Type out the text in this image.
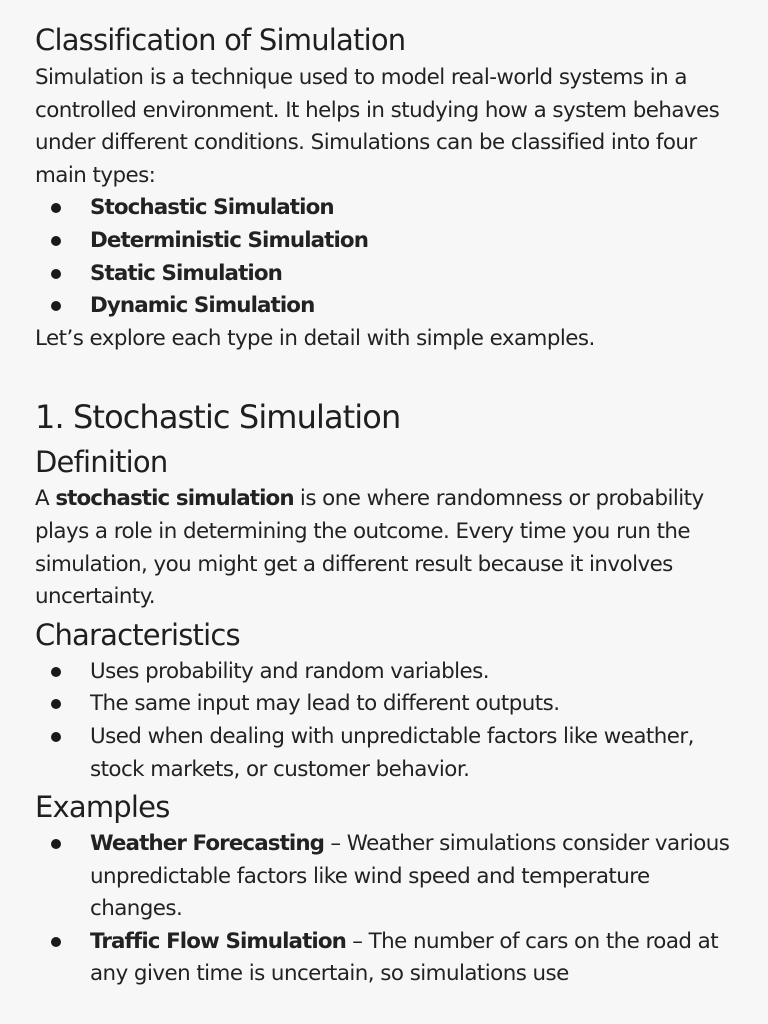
Classification of Simulation

Simulation is a technique used to model real-world systems in a controlled environment. It helps in studying how a system behaves under different conditions. Simulations can be classified into four main types:

Stochastic Simulation
Deterministic Simulation
Static Simulation
Dynamic Simulation

Let’s explore each type in detail with simple examples.

1. Stochastic Simulation
Definition

A stochastic simulation is one where randomness or probability plays a role in determining the outcome. Every time you run the simulation, you might get a different result because it involves uncertainty.

Characteristics
Uses probability and random variables.
The same input may lead to different outputs.
Used when dealing with unpredictable factors like weather, stock markets, or customer behavior.
Examples
Weather Forecasting – Weather simulations consider various unpredictable factors like wind speed and temperature changes.
Traffic Flow Simulation – The number of cars on the road at any given time is uncertain, so simulations use
